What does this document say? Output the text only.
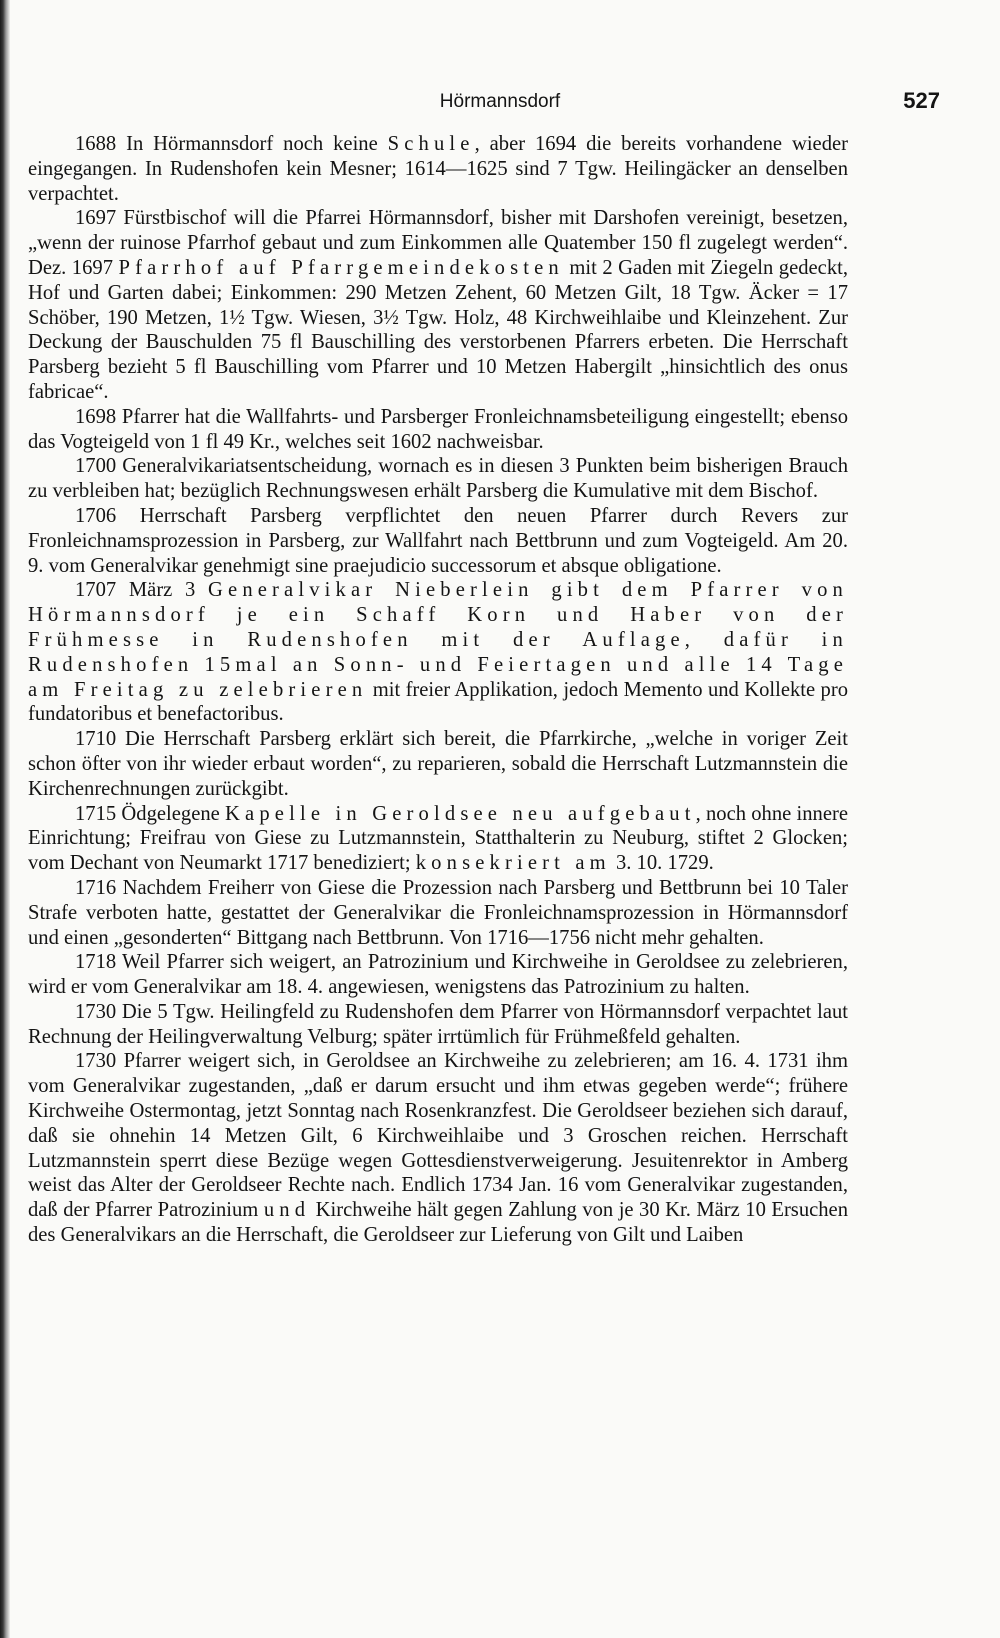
Hörmannsdorf	527

1688 In Hörmannsdorf noch keine Schule, aber 1694 die bereits vorhandene wieder eingegangen. In Rudenshofen kein Mesner; 1614—1625 sind 7 Tgw. Heilingäcker an denselben verpachtet.

1697 Fürstbischof will die Pfarrei Hörmannsdorf, bisher mit Darshofen vereinigt, besetzen, „wenn der ruinose Pfarrhof gebaut und zum Einkommen alle Quatember 150 fl zugelegt werden“. Dez. 1697 Pfarrhof auf Pfarrgemeindekosten mit 2 Gaden mit Ziegeln gedeckt, Hof und Garten dabei; Einkommen: 290 Metzen Zehent, 60 Metzen Gilt, 18 Tgw. Äcker = 17 Schöber, 190 Metzen, 1½ Tgw. Wiesen, 3½ Tgw. Holz, 48 Kirchweihlaibe und Kleinzehent. Zur Deckung der Bauschulden 75 fl Bauschilling des verstorbenen Pfarrers erbeten. Die Herrschaft Parsberg bezieht 5 fl Bauschilling vom Pfarrer und 10 Metzen Habergilt „hinsichtlich des onus fabricae“.

1698 Pfarrer hat die Wallfahrts- und Parsberger Fronleichnamsbeteiligung eingestellt; ebenso das Vogteigeld von 1 fl 49 Kr., welches seit 1602 nachweisbar.

1700 Generalvikariatsentscheidung, wornach es in diesen 3 Punkten beim bisherigen Brauch zu verbleiben hat; bezüglich Rechnungswesen erhält Parsberg die Kumulative mit dem Bischof.

1706 Herrschaft Parsberg verpflichtet den neuen Pfarrer durch Revers zur Fronleichnamsprozession in Parsberg, zur Wallfahrt nach Bettbrunn und zum Vogteigeld. Am 20. 9. vom Generalvikar genehmigt sine praejudicio successorum et absque obligatione.

1707 März 3 Generalvikar Nieberlein gibt dem Pfarrer von Hörmannsdorf je ein Schaff Korn und Haber von der Frühmesse in Rudenshofen mit der Auflage, dafür in Rudenshofen 15mal an Sonn- und Feiertagen und alle 14 Tage am Freitag zu zelebrieren mit freier Applikation, jedoch Memento und Kollekte pro fundatoribus et benefactoribus.

1710 Die Herrschaft Parsberg erklärt sich bereit, die Pfarrkirche, „welche in voriger Zeit schon öfter von ihr wieder erbaut worden“, zu reparieren, sobald die Herrschaft Lutzmannstein die Kirchenrechnungen zurückgibt.

1715 Ödgelegene Kapelle in Geroldsee neu aufgebaut, noch ohne innere Einrichtung; Freifrau von Giese zu Lutzmannstein, Statthalterin zu Neuburg, stiftet 2 Glocken; vom Dechant von Neumarkt 1717 benediziert; konsekriert am 3. 10. 1729.

1716 Nachdem Freiherr von Giese die Prozession nach Parsberg und Bettbrunn bei 10 Taler Strafe verboten hatte, gestattet der Generalvikar die Fronleichnamsprozession in Hörmannsdorf und einen „gesonderten“ Bittgang nach Bettbrunn. Von 1716—1756 nicht mehr gehalten.

1718 Weil Pfarrer sich weigert, an Patrozinium und Kirchweihe in Geroldsee zu zelebrieren, wird er vom Generalvikar am 18. 4. angewiesen, wenigstens das Patrozinium zu halten.

1730 Die 5 Tgw. Heilingfeld zu Rudenshofen dem Pfarrer von Hörmannsdorf verpachtet laut Rechnung der Heilingverwaltung Velburg; später irrtümlich für Frühmeßfeld gehalten.

1730 Pfarrer weigert sich, in Geroldsee an Kirchweihe zu zelebrieren; am 16. 4. 1731 ihm vom Generalvikar zugestanden, „daß er darum ersucht und ihm etwas gegeben werde“; frühere Kirchweihe Ostermontag, jetzt Sonntag nach Rosenkranzfest. Die Geroldseer beziehen sich darauf, daß sie ohnehin 14 Metzen Gilt, 6 Kirchweihlaibe und 3 Groschen reichen. Herrschaft Lutzmannstein sperrt diese Bezüge wegen Gottesdienstverweigerung. Jesuitenrektor in Amberg weist das Alter der Geroldseer Rechte nach. Endlich 1734 Jan. 16 vom Generalvikar zugestanden, daß der Pfarrer Patrozinium und Kirchweihe hält gegen Zahlung von je 30 Kr. März 10 Ersuchen des Generalvikars an die Herrschaft, die Geroldseer zur Lieferung von Gilt und Laiben
